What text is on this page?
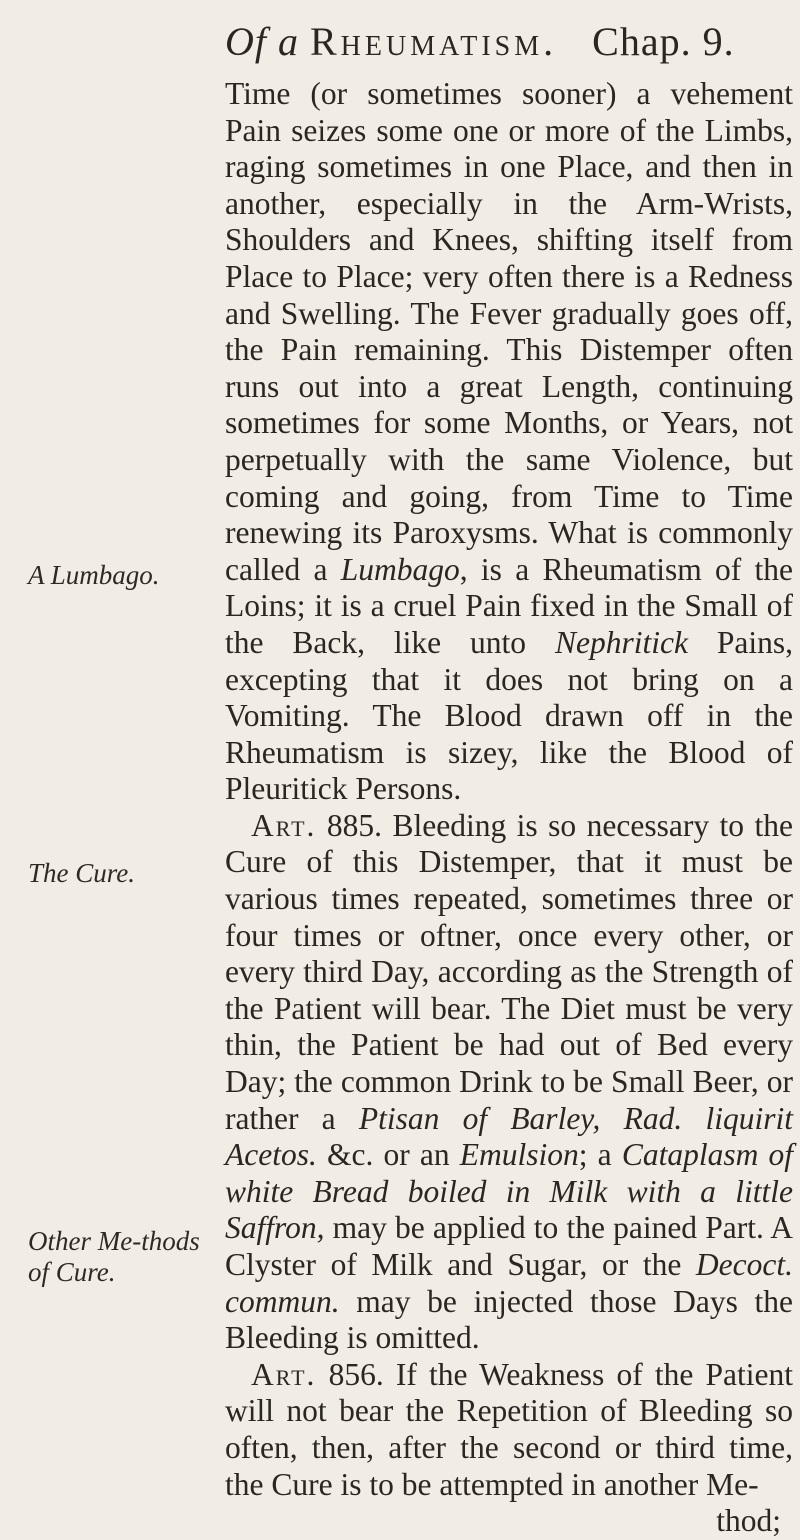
Of a Rheumatism. Chap. 9.
A Lumbago.
The Cure.
Other Me-thods of Cure.

Time (or sometimes sooner) a vehement Pain seizes some one or more of the Limbs, raging sometimes in one Place, and then in another, especially in the Arm-Wrists, Shoulders and Knees, shifting itself from Place to Place; very often there is a Redness and Swelling. The Fever gradually goes off, the Pain remaining. This Distemper often runs out into a great Length, continuing sometimes for some Months, or Years, not perpetually with the same Violence, but coming and going, from Time to Time renewing its Paroxysms. What is commonly called a Lumbago, is a Rheumatism of the Loins; it is a cruel Pain fixed in the Small of the Back, like unto Nephritick Pains, excepting that it does not bring on a Vomiting. The Blood drawn off in the Rheumatism is sizey, like the Blood of Pleuritick Persons.

Art. 885. Bleeding is so necessary to the Cure of this Distemper, that it must be various times repeated, sometimes three or four times or oftner, once every other, or every third Day, according as the Strength of the Patient will bear. The Diet must be very thin, the Patient be had out of Bed every Day; the common Drink to be Small Beer, or rather a Ptisan of Barley, Rad. liquirit Acetos. &c. or an Emulsion; a Cataplasm of white Bread boiled in Milk with a little Saffron, may be applied to the pained Part. A Clyster of Milk and Sugar, or the Decoct. commun. may be injected those Days the Bleeding is omitted.

Art. 856. If the Weakness of the Patient will not bear the Repetition of Bleeding so often, then, after the second or third time, the Cure is to be attempted in another Me-

thod;
